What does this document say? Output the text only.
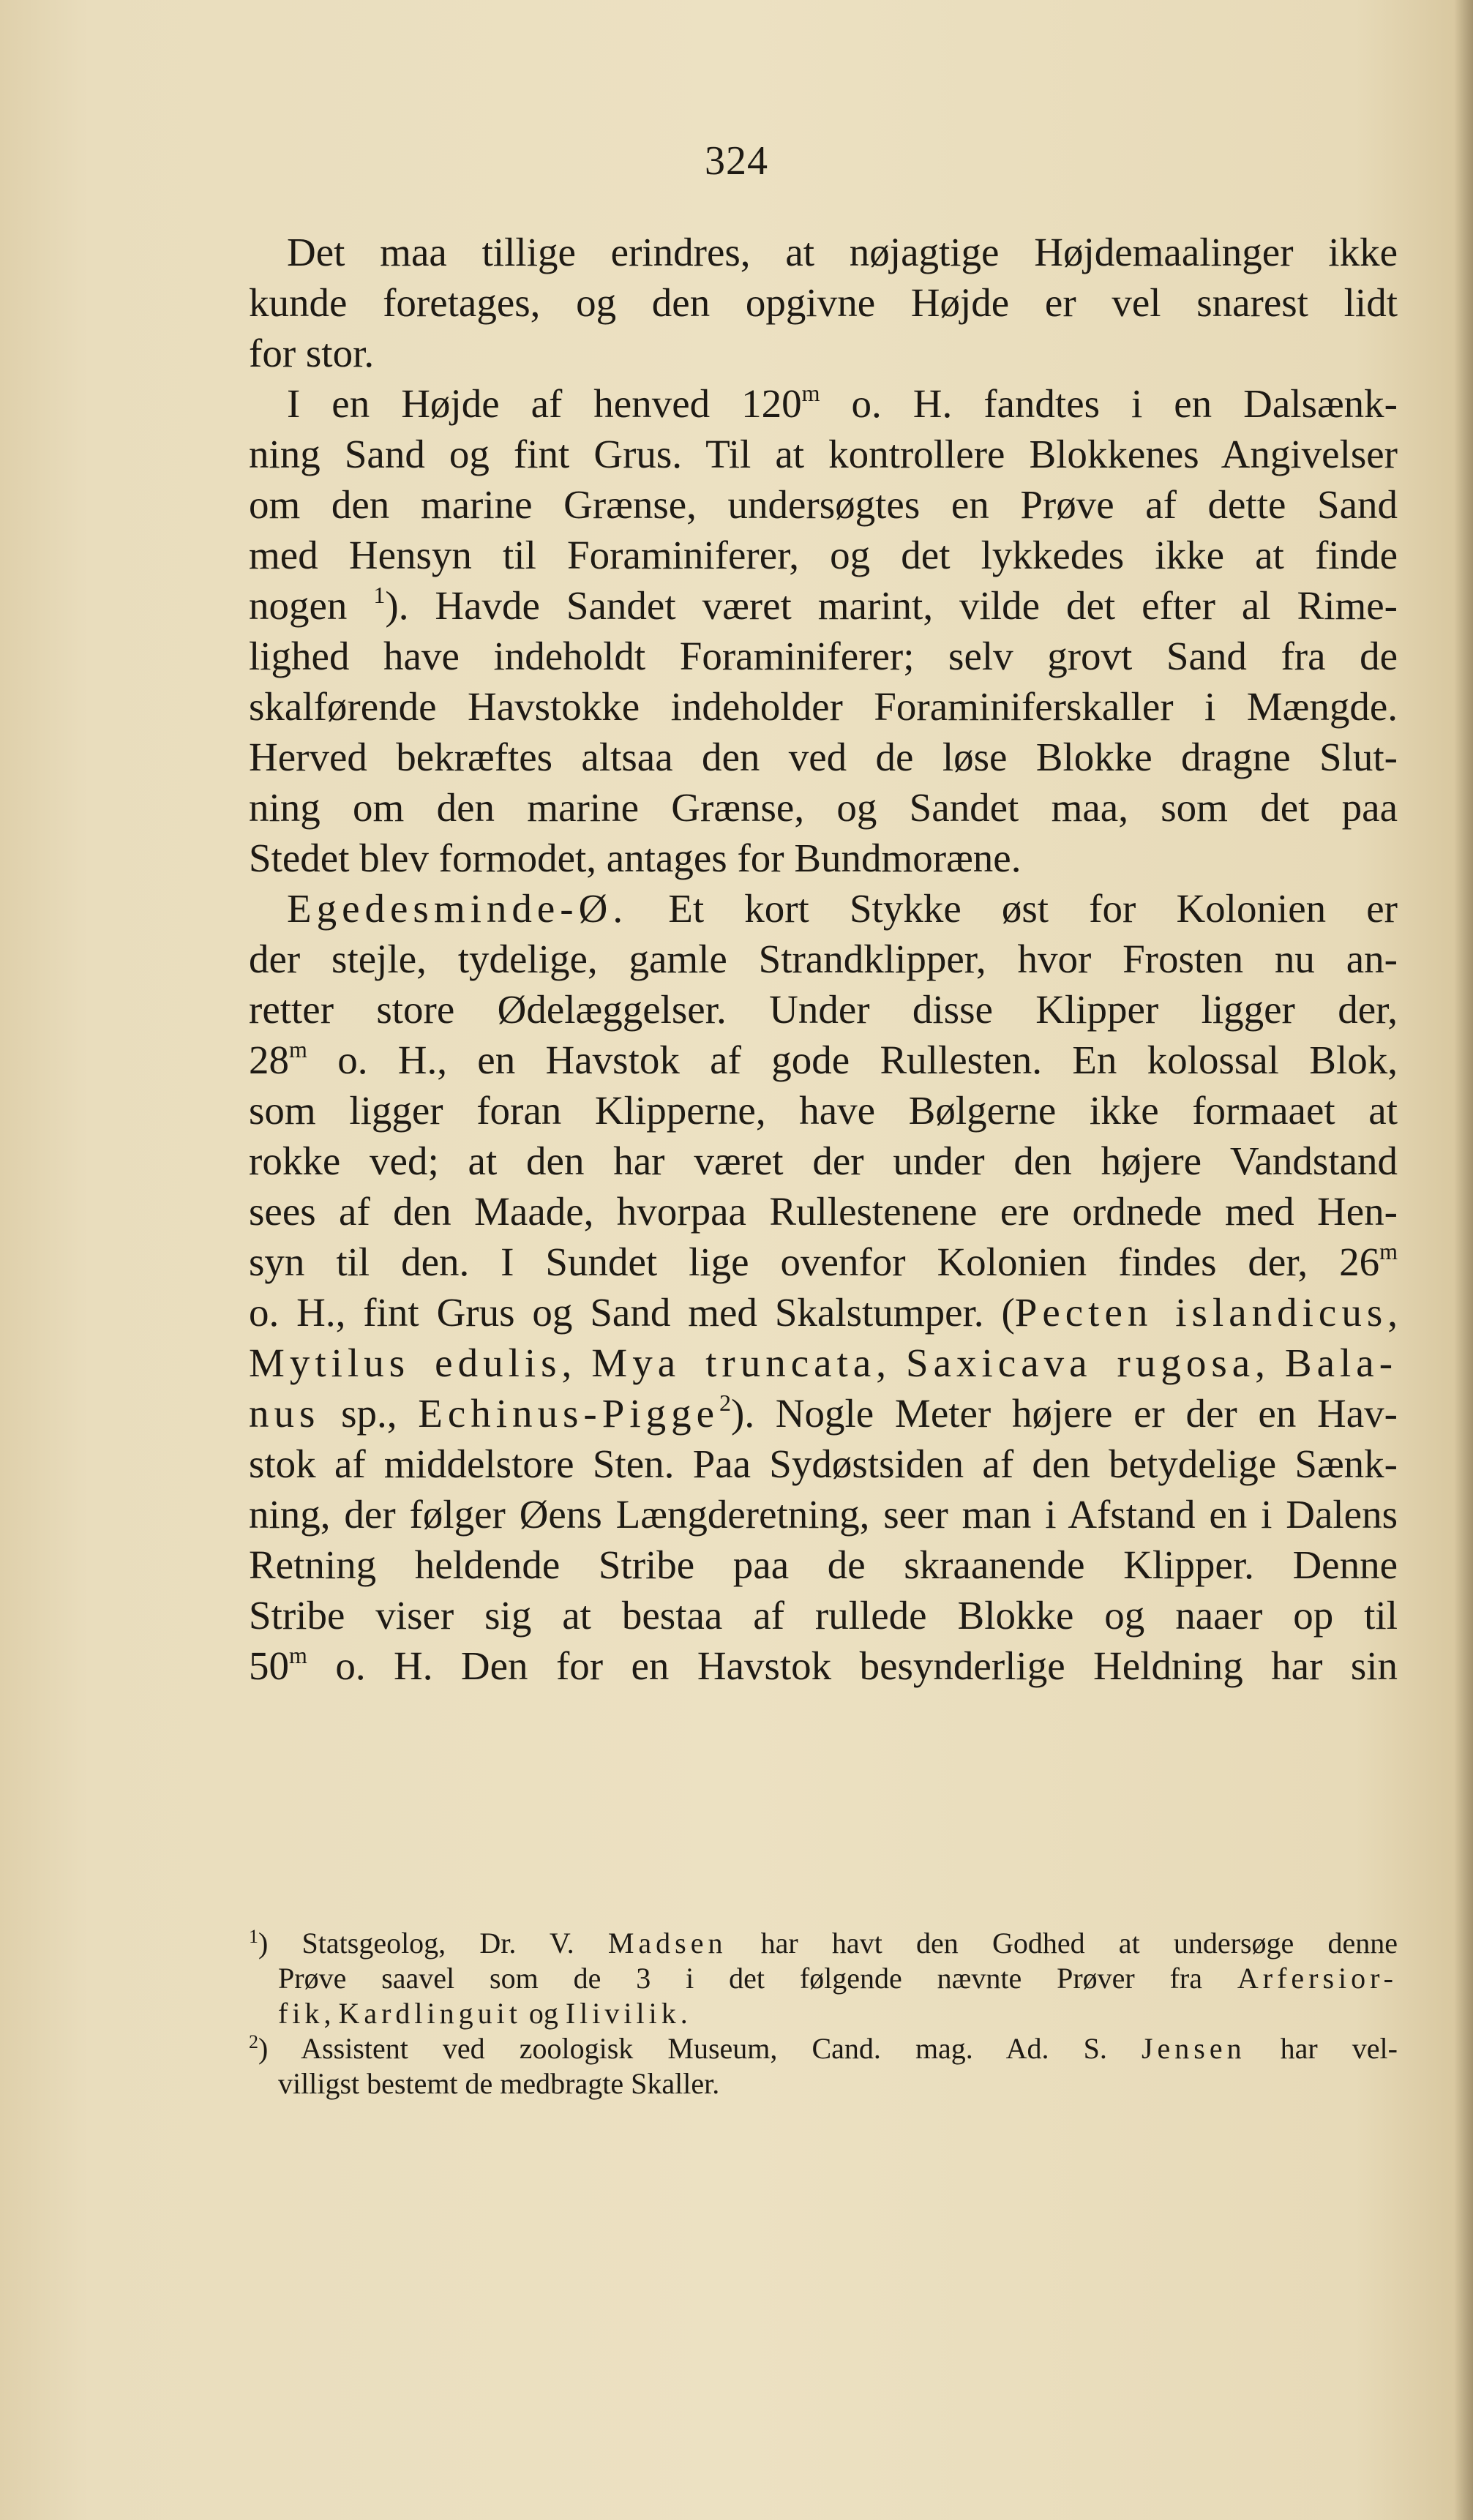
324
Det maa tillige erindres, at nøjagtige Højdemaalinger ikke
kunde foretages, og den opgivne Højde er vel snarest lidt
for stor.
I en Højde af henved 120$^m$ o. H. fandtes i en Dalsænk-
ning Sand og fint Grus. Til at kontrollere Blokkenes Angivelser
om den marine Grænse, undersøgtes en Prøve af dette Sand
med Hensyn til Foraminiferer, og det lykkedes ikke at finde
nogen $^1$). Havde Sandet været marint, vilde det efter al Rime-
lighed have indeholdt Foraminiferer; selv grovt Sand fra de
skalførende Havstokke indeholder Foraminiferskaller i Mængde.
Herved bekræftes altsaa den ved de løse Blokke dragne Slut-
ning om den marine Grænse, og Sandet maa, som det paa
Stedet blev formodet, antages for Bundmoræne.
Egedesminde-Ø. Et kort Stykke øst for Kolonien er
der stejle, tydelige, gamle Strandklipper, hvor Frosten nu an-
retter store Ødelæggelser. Under disse Klipper ligger der,
28$^m$ o. H., en Havstok af gode Rullesten. En kolossal Blok,
som ligger foran Klipperne, have Bølgerne ikke formaaet at
rokke ved; at den har været der under den højere Vandstand
sees af den Maade, hvorpaa Rullestenene ere ordnede med Hen-
syn til den. I Sundet lige ovenfor Kolonien findes der, 26$^m$
o. H., fint Grus og Sand med Skalstumper. (Pecten islandicus,
Mytilus edulis, Mya truncata, Saxicava rugosa, Bala-
nus sp., Echinus-Pigge$^2$). Nogle Meter højere er der en Hav-
stok af middelstore Sten. Paa Sydøstsiden af den betydelige Sænk-
ning, der følger Øens Længderetning, seer man i Afstand en i Dalens
Retning heldende Stribe paa de skraanende Klipper. Denne
Stribe viser sig at bestaa af rullede Blokke og naaer op til
50$^m$ o. H. Den for en Havstok besynderlige Heldning har sin
$^1$) Statsgeolog, Dr. V. Madsen har havt den Godhed at undersøge denne
Prøve saavel som de 3 i det følgende nævnte Prøver fra Arfersior-
fik, Kardlinguit og Ilivilik.
$^2$) Assistent ved zoologisk Museum, Cand. mag. Ad. S. Jensen har vel-
villigst bestemt de medbragte Skaller.
